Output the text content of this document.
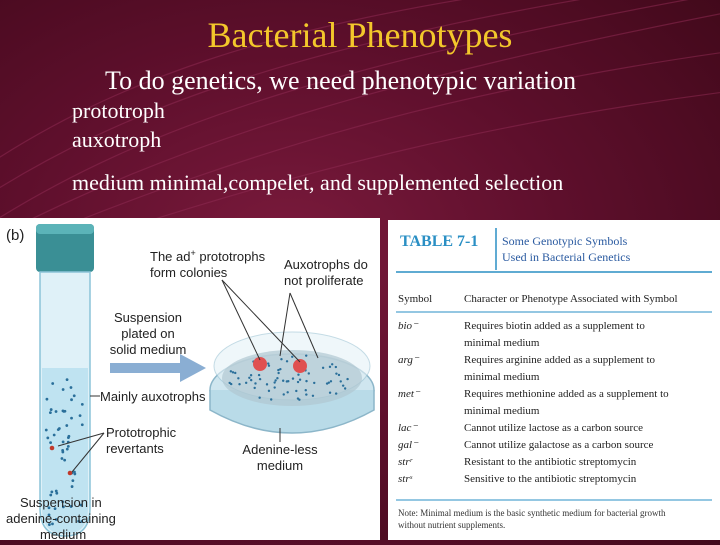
Bacterial Phenotypes
To do genetics, we need phenotypic variation
prototroph
auxotroph
medium minimal,compelet, and supplemented selection
(b)
The ad+ prototrophs
form colonies
Auxotrophs do
not proliferate
Suspension
plated on
solid medium
Mainly auxotrophs
Prototrophic
revertants	Adenine-less
medium
Suspension in
adenine-containing
medium
TABLE 7-1 Some Genotypic Symbols
Used in Bacterial Genetics
Symbol	Character or Phenotype Associated with Symbol
bio⁻	Requires biotin added as a supplement to
minimal medium
arg⁻	Requires arginine added as a supplement to
minimal medium
met⁻	Requires methionine added as a supplement to
minimal medium
lac⁻	Cannot utilize lactose as a carbon source
gal⁻	Cannot utilize galactose as a carbon source
strʳ	Resistant to the antibiotic streptomycin
strˢ	Sensitive to the antibiotic streptomycin
Note: Minimal medium is the basic synthetic medium for bacterial growth
without nutrient supplements.
